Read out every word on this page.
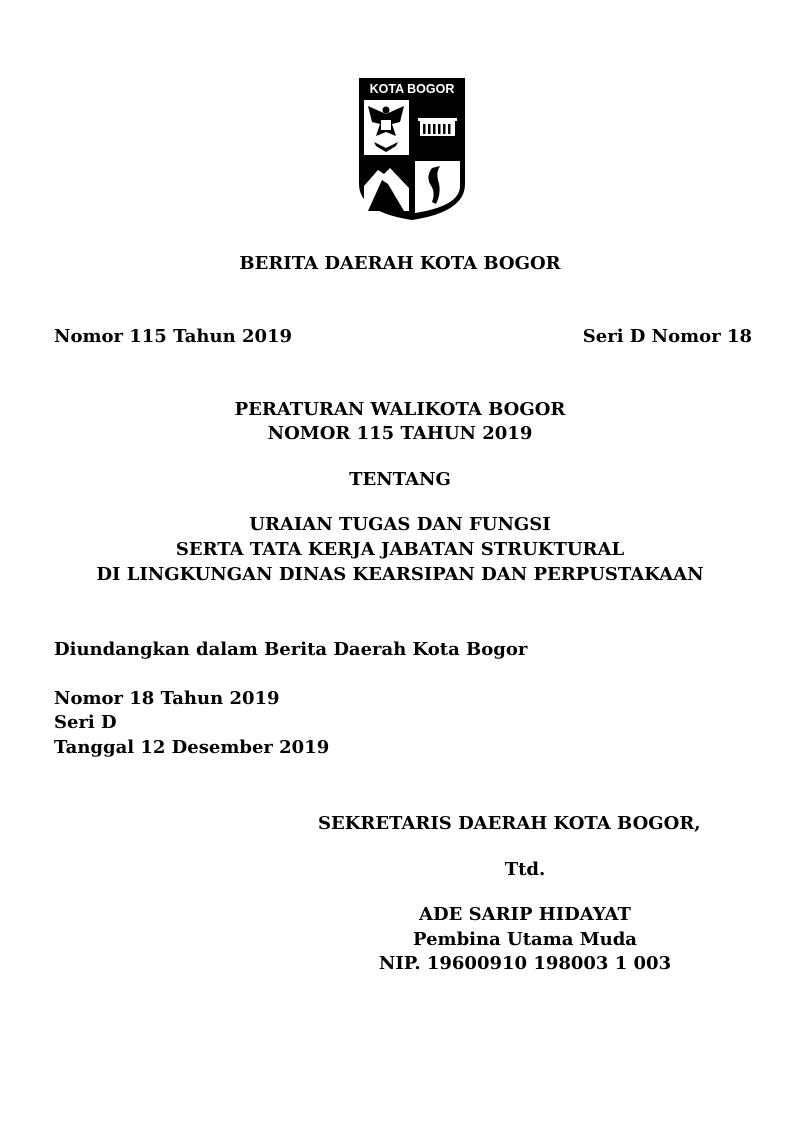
KOTA BOGOR
BERITA DAERAH KOTA BOGOR
Nomor 115 Tahun 2019	Seri D Nomor 18
PERATURAN WALIKOTA BOGOR
NOMOR 115 TAHUN 2019
TENTANG
URAIAN TUGAS DAN FUNGSI
SERTA TATA KERJA JABATAN STRUKTURAL
DI LINGKUNGAN DINAS KEARSIPAN DAN PERPUSTAKAAN
Diundangkan dalam Berita Daerah Kota Bogor
Nomor 18 Tahun 2019
Seri D
Tanggal 12 Desember 2019
SEKRETARIS DAERAH KOTA BOGOR,
Ttd.
ADE SARIP HIDAYAT
Pembina Utama Muda
NIP. 19600910 198003 1 003
